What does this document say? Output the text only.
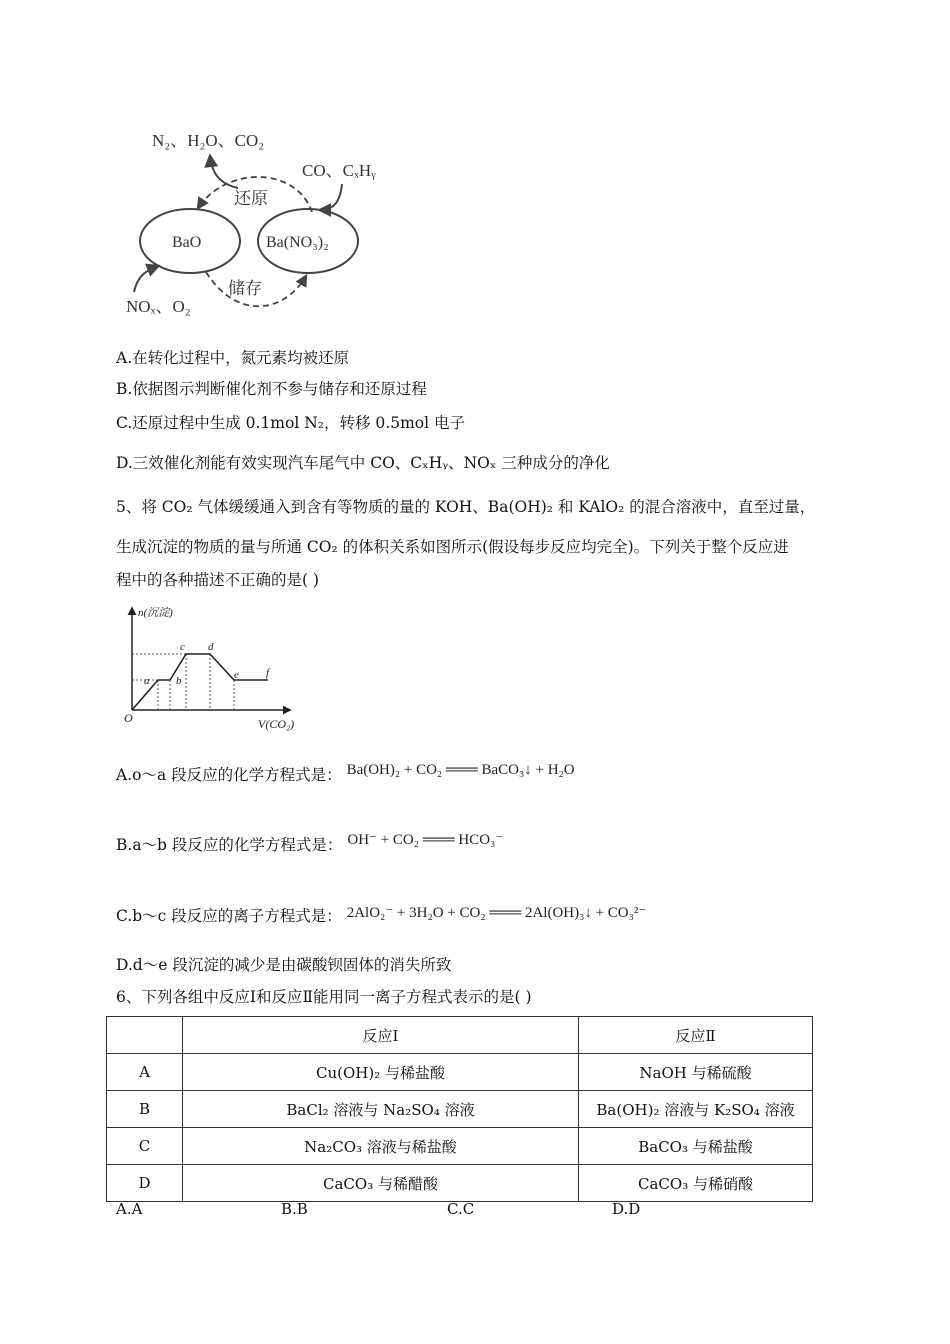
N₂、H₂O、CO₂
CO、CₓHᵧ
还原
储存
BaO	Ba(NO₃)₂
NOₓ、O₂
A.在转化过程中，氮元素均被还原
B.依据图示判断催化剂不参与储存和还原过程
C.还原过程中生成 0.1mol N₂，转移 0.5mol 电子
D.三效催化剂能有效实现汽车尾气中 CO、CₓHᵧ、NOₓ 三种成分的净化
5、将 CO₂ 气体缓缓通入到含有等物质的量的 KOH、Ba(OH)₂ 和 KAlO₂ 的混合溶液中，直至过量，
生成沉淀的物质的量与所通 CO₂ 的体积关系如图所示(假设每步反应均完全)。下列关于整个反应进
程中的各种描述不正确的是( )
n(沉淀)
V(CO₂)
O
a b
c d
e f
A.o～a 段反应的化学方程式是： Ba(OH)₂ + CO₂ ═══ BaCO₃↓ + H₂O
B.a～b 段反应的化学方程式是： OH⁻ + CO₂ ═══ HCO₃⁻
C.b～c 段反应的离子方程式是： 2AlO₂⁻ + 3H₂O + CO₂ ═══ 2Al(OH)₃↓ + CO₃²⁻
D.d～e 段沉淀的减少是由碳酸钡固体的消失所致
6、下列各组中反应Ⅰ和反应Ⅱ能用同一离子方程式表示的是( )
	反应Ⅰ	反应Ⅱ
A	Cu(OH)₂ 与稀盐酸	NaOH 与稀硫酸
B	BaCl₂ 溶液与 Na₂SO₄ 溶液	Ba(OH)₂ 溶液与 K₂SO₄ 溶液
C	Na₂CO₃ 溶液与稀盐酸	BaCO₃ 与稀盐酸
D	CaCO₃ 与稀醋酸	CaCO₃ 与稀硝酸
A.A	B.B	C.C	D.D
